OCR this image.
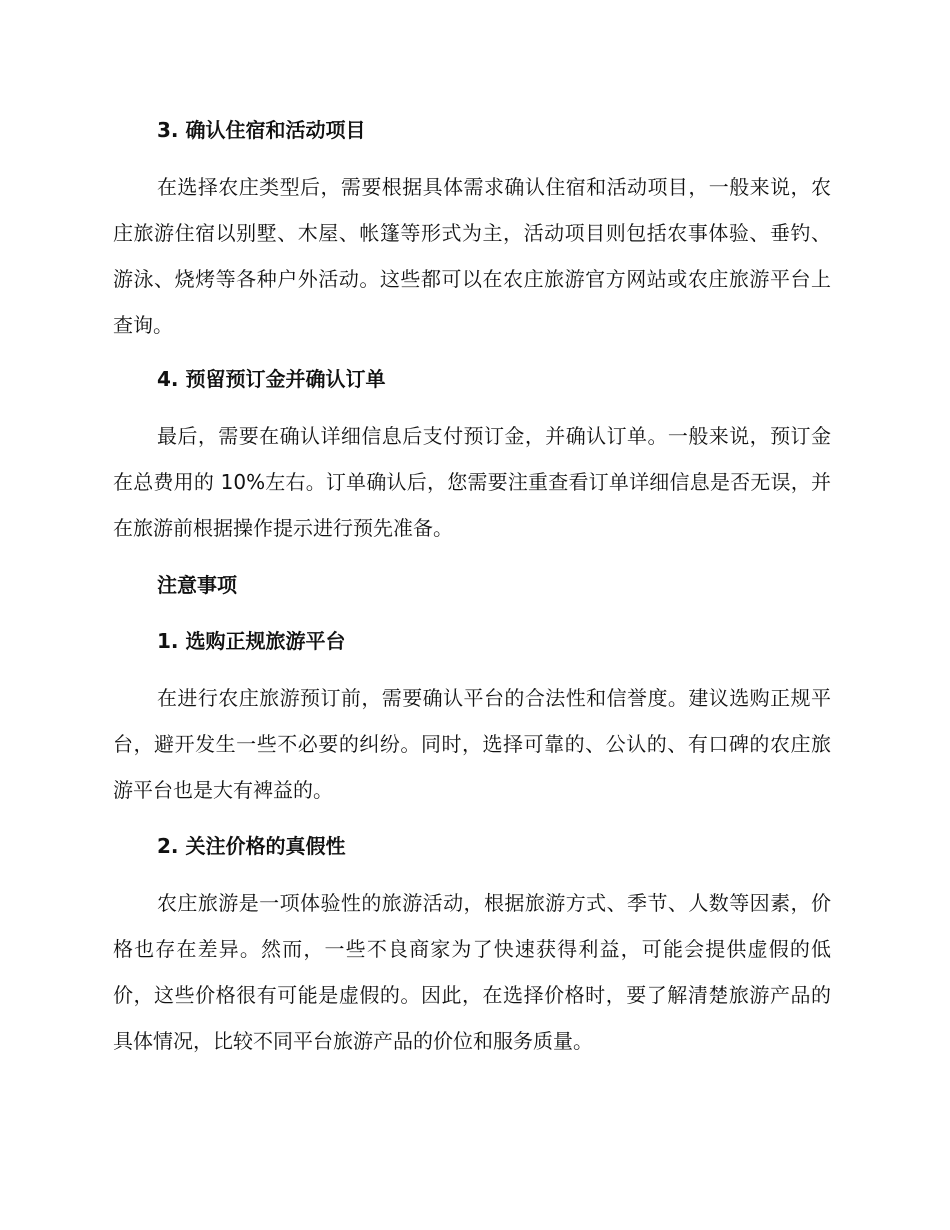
3. 确认住宿和活动项目
在选择农庄类型后，需要根据具体需求确认住宿和活动项目，一般来说，农庄旅游住宿以别墅、木屋、帐篷等形式为主，活动项目则包括农事体验、垂钓、游泳、烧烤等各种户外活动。这些都可以在农庄旅游官方网站或农庄旅游平台上查询。
4. 预留预订金并确认订单
最后，需要在确认详细信息后支付预订金，并确认订单。一般来说，预订金在总费用的 10%左右。订单确认后，您需要注重查看订单详细信息是否无误，并在旅游前根据操作提示进行预先准备。
注意事项
1. 选购正规旅游平台
在进行农庄旅游预订前，需要确认平台的合法性和信誉度。建议选购正规平台，避开发生一些不必要的纠纷。同时，选择可靠的、公认的、有口碑的农庄旅游平台也是大有裨益的。
2. 关注价格的真假性
农庄旅游是一项体验性的旅游活动，根据旅游方式、季节、人数等因素，价格也存在差异。然而，一些不良商家为了快速获得利益，可能会提供虚假的低价，这些价格很有可能是虚假的。因此，在选择价格时，要了解清楚旅游产品的具体情况，比较不同平台旅游产品的价位和服务质量。
